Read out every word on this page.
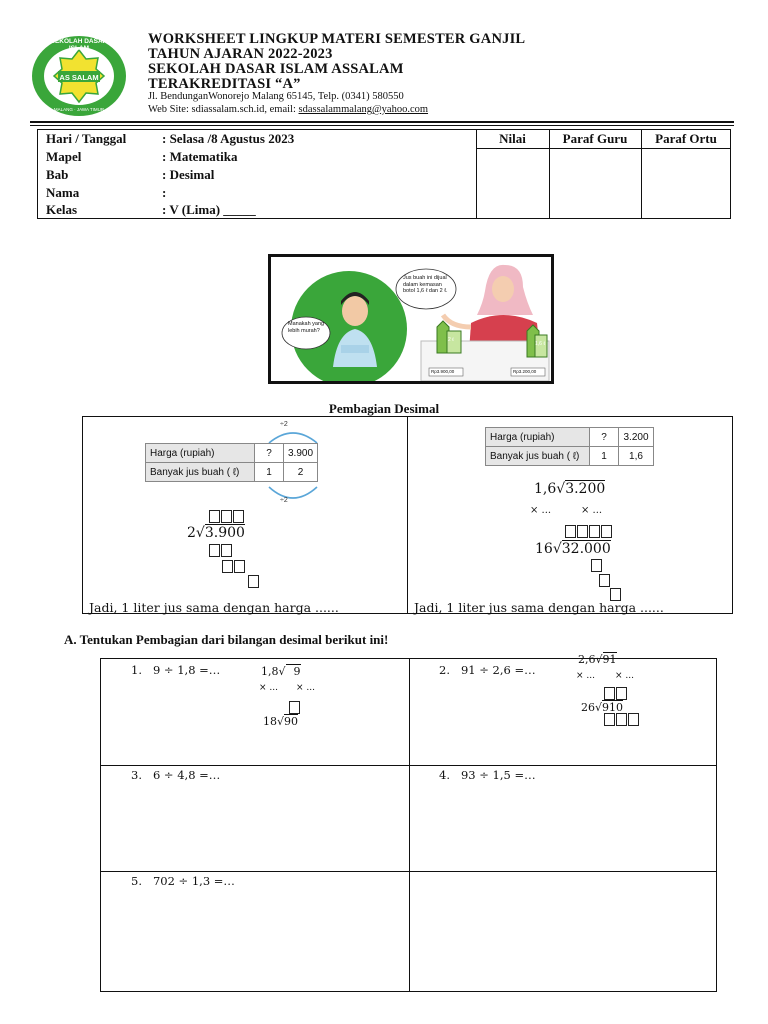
SEKOLAH DASAR ISLAM
AS SALAM
MALANG · JAWA TIMUR
WORKSHEET LINGKUP MATERI SEMESTER GANJIL
TAHUN AJARAN 2022-2023
SEKOLAH DASAR ISLAM ASSALAM
TERAKREDITASI “A”
Jl. BendunganWonorejo Malang 65145, Telp. (0341) 580550
Web Site: sdiassalam.sch.id, email: sdassalammalang@yahoo.com
Hari / Tanggal	: Selasa /8 Agustus 2023
Mapel	: Matematika
Bab	: Desimal
Nama	:
Kelas	: V (Lima) _____
Nilai	Paraf Guru	Paraf Ortu
Jus buah ini dijual dalam kemasan botol 1,6 ℓ dan 2 ℓ.
Manakah yang lebih murah?
Rp3.900,00	Rp3.200,00
2 ℓ
1,6 ℓ
Pembagian Desimal
÷2
Harga (rupiah)	?	3.900
Banyak jus buah ( ℓ)	1	2
÷2
2√3.900
Jadi, 1 liter jus sama dengan harga ......
Harga (rupiah)	?	3.200
Banyak jus buah ( ℓ)	1	1,6
1,6√3.200
× ...	× ...
16√32.000
Jadi, 1 liter jus sama dengan harga ......
A. Tentukan Pembagian dari bilangan desimal berikut ini!
1. 9 ÷ 1,8 =…	1,8√ 9
× ... × ...
18√90
2. 91 ÷ 2,6 =…
2,6√91
× ... × ...
26√910
3. 6 ÷ 4,8 =…	4. 93 ÷ 1,5 =…
5. 702 ÷ 1,3 =…
